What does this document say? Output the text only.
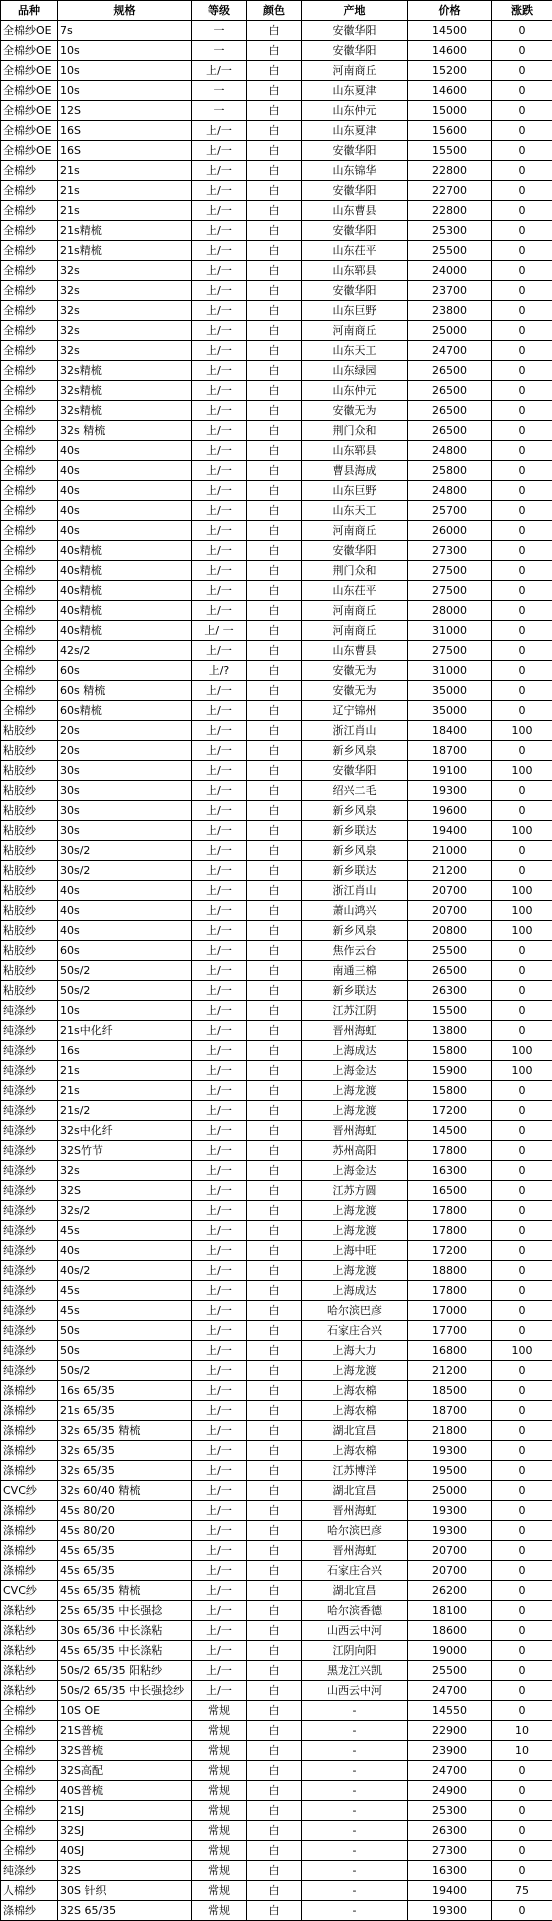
品种	规格	等级	颜色	产地	价格	涨跌
全棉纱OE	7s	一	白	安徽华阳	14500	0
全棉纱OE	10s	一	白	安徽华阳	14600	0
全棉纱OE	10s	上/一	白	河南商丘	15200	0
全棉纱OE	10s	一	白	山东夏津	14600	0
全棉纱OE	12S	一	白	山东仲元	15000	0
全棉纱OE	16S	上/一	白	山东夏津	15600	0
全棉纱OE	16S	上/一	白	安徽华阳	15500	0
全棉纱	21s	上/一	白	山东锦华	22800	0
全棉纱	21s	上/一	白	安徽华阳	22700	0
全棉纱	21s	上/一	白	山东曹县	22800	0
全棉纱	21s精梳	上/一	白	安徽华阳	25300	0
全棉纱	21s精梳	上/一	白	山东茌平	25500	0
全棉纱	32s	上/一	白	山东郓县	24000	0
全棉纱	32s	上/一	白	安徽华阳	23700	0
全棉纱	32s	上/一	白	山东巨野	23800	0
全棉纱	32s	上/一	白	河南商丘	25000	0
全棉纱	32s	上/一	白	山东天工	24700	0
全棉纱	32s精梳	上/一	白	山东绿园	26500	0
全棉纱	32s精梳	上/一	白	山东仲元	26500	0
全棉纱	32s精梳	上/一	白	安徽无为	26500	0
全棉纱	32s 精梳	上/一	白	荆门众和	26500	0
全棉纱	40s	上/一	白	山东郓县	24800	0
全棉纱	40s	上/一	白	曹县海成	25800	0
全棉纱	40s	上/一	白	山东巨野	24800	0
全棉纱	40s	上/一	白	山东天工	25700	0
全棉纱	40s	上/一	白	河南商丘	26000	0
全棉纱	40s精梳	上/一	白	安徽华阳	27300	0
全棉纱	40s精梳	上/一	白	荆门众和	27500	0
全棉纱	40s精梳	上/一	白	山东茌平	27500	0
全棉纱	40s精梳	上/一	白	河南商丘	28000	0
全棉纱	40s精梳	上/ 一	白	河南商丘	31000	0
全棉纱	42s/2	上/一	白	山东曹县	27500	0
全棉纱	60s	上/?	白	安徽无为	31000	0
全棉纱	60s 精梳	上/一	白	安徽无为	35000	0
全棉纱	60s精梳	上/一	白	辽宁锦州	35000	0
粘胶纱	20s	上/一	白	浙江肖山	18400	100
粘胶纱	20s	上/一	白	新乡风泉	18700	0
粘胶纱	30s	上/一	白	安徽华阳	19100	100
粘胶纱	30s	上/一	白	绍兴二毛	19300	0
粘胶纱	30s	上/一	白	新乡风泉	19600	0
粘胶纱	30s	上/一	白	新乡联达	19400	100
粘胶纱	30s/2	上/一	白	新乡风泉	21000	0
粘胶纱	30s/2	上/一	白	新乡联达	21200	0
粘胶纱	40s	上/一	白	浙江肖山	20700	100
粘胶纱	40s	上/一	白	萧山鸿兴	20700	100
粘胶纱	40s	上/一	白	新乡风泉	20800	100
粘胶纱	60s	上/一	白	焦作云台	25500	0
粘胶纱	50s/2	上/一	白	南通三棉	26500	0
粘胶纱	50s/2	上/一	白	新乡联达	26300	0
纯涤纱	10s	上/一	白	江苏江阴	15500	0
纯涤纱	21s中化纤	上/一	白	晋州海虹	13800	0
纯涤纱	16s	上/一	白	上海成达	15800	100
纯涤纱	21s	上/一	白	上海金达	15900	100
纯涤纱	21s	上/一	白	上海龙渡	15800	0
纯涤纱	21s/2	上/一	白	上海龙渡	17200	0
纯涤纱	32s中化纤	上/一	白	晋州海虹	14500	0
纯涤纱	32S竹节	上/一	白	苏州高阳	17800	0
纯涤纱	32s	上/一	白	上海金达	16300	0
纯涤纱	32S	上/一	白	江苏方圆	16500	0
纯涤纱	32s/2	上/一	白	上海龙渡	17800	0
纯涤纱	45s	上/一	白	上海龙渡	17800	0
纯涤纱	40s	上/一	白	上海中旺	17200	0
纯涤纱	40s/2	上/一	白	上海龙渡	18800	0
纯涤纱	45s	上/一	白	上海成达	17800	0
纯涤纱	45s	上/一	白	哈尔滨巴彦	17000	0
纯涤纱	50s	上/一	白	石家庄合兴	17700	0
纯涤纱	50s	上/一	白	上海大力	16800	100
纯涤纱	50s/2	上/一	白	上海龙渡	21200	0
涤棉纱	16s 65/35	上/一	白	上海农棉	18500	0
涤棉纱	21s 65/35	上/一	白	上海农棉	18700	0
涤棉纱	32s 65/35 精梳	上/一	白	湖北宜昌	21800	0
涤棉纱	32s 65/35	上/一	白	上海农棉	19300	0
涤棉纱	32s 65/35	上/一	白	江苏博洋	19500	0
CVC纱	32s 60/40 精梳	上/一	白	湖北宜昌	25000	0
涤棉纱	45s 80/20	上/一	白	晋州海虹	19300	0
涤棉纱	45s 80/20	上/一	白	哈尔滨巴彦	19300	0
涤棉纱	45s 65/35	上/一	白	晋州海虹	20700	0
涤棉纱	45s 65/35	上/一	白	石家庄合兴	20700	0
CVC纱	45s 65/35 精梳	上/一	白	湖北宜昌	26200	0
涤粘纱	25s 65/35 中长强捻	上/一	白	哈尔滨香德	18100	0
涤粘纱	30s 65/36 中长涤粘	上/一	白	山西云中河	18600	0
涤粘纱	45s 65/35 中长涤粘	上/一	白	江阴向阳	19000	0
涤粘纱	50s/2 65/35 阳粘纱	上/一	白	黑龙江兴凯	25500	0
涤粘纱	50s/2 65/35 中长强捻纱	上/一	白	山西云中河	24700	0
全棉纱	10S OE	常规	白	-	14550	0
全棉纱	21S普梳	常规	白	-	22900	10
全棉纱	32S普梳	常规	白	-	23900	10
全棉纱	32S高配	常规	白	-	24700	0
全棉纱	40S普梳	常规	白	-	24900	0
全棉纱	21SJ	常规	白	-	25300	0
全棉纱	32SJ	常规	白	-	26300	0
全棉纱	40SJ	常规	白	-	27300	0
纯涤纱	32S	常规	白	-	16300	0
人棉纱	30S 针织	常规	白	-	19400	75
涤棉纱	32S 65/35	常规	白	-	19300	0
